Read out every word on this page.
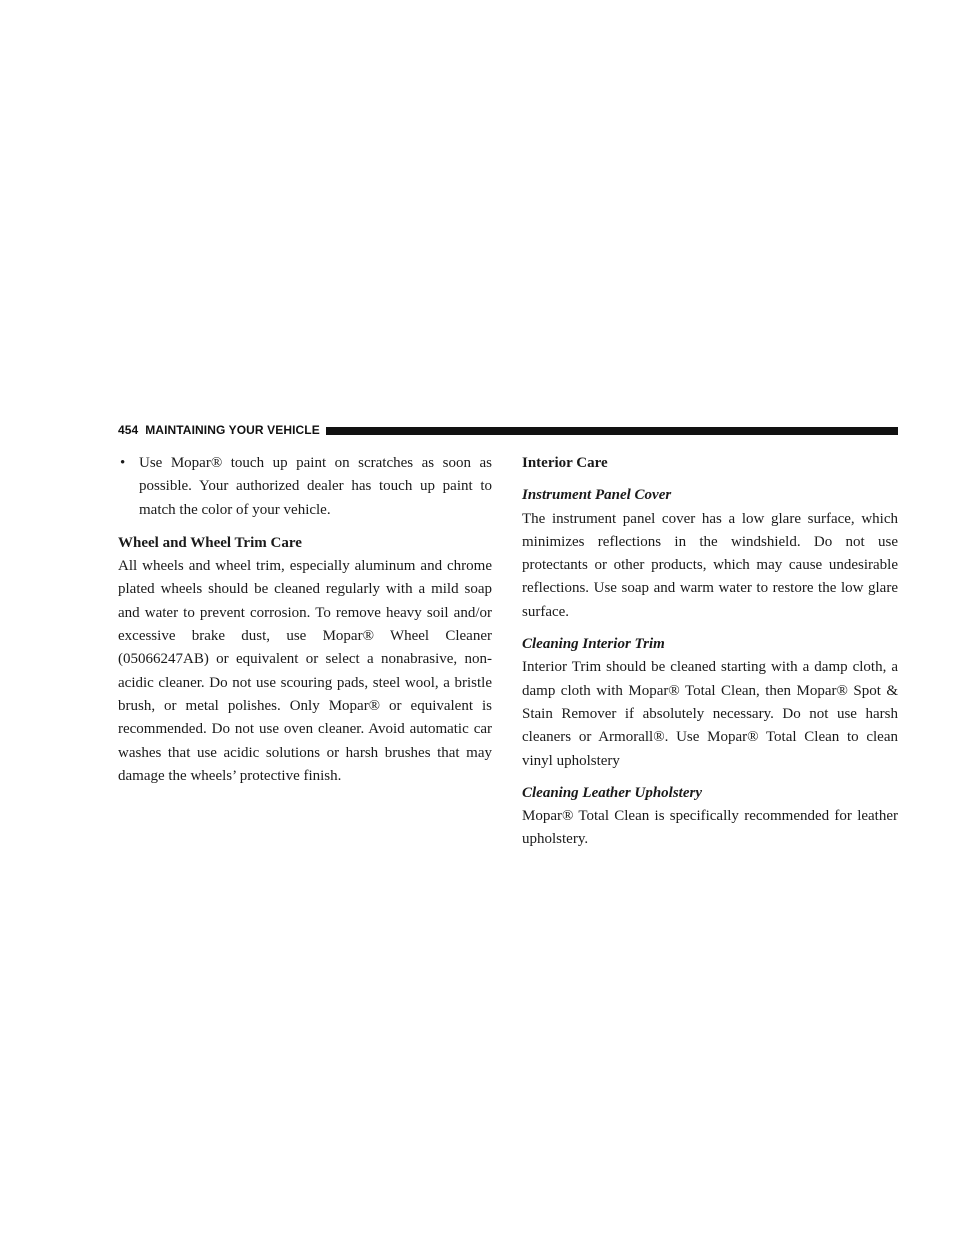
454 MAINTAINING YOUR VEHICLE
• Use Mopar® touch up paint on scratches as soon as possible. Your authorized dealer has touch up paint to match the color of your vehicle.

Wheel and Wheel Trim Care

All wheels and wheel trim, especially aluminum and chrome plated wheels should be cleaned regularly with a mild soap and water to prevent corrosion. To remove heavy soil and/or excessive brake dust, use Mopar® Wheel Cleaner (05066247AB) or equivalent or select a nonabrasive, non-acidic cleaner. Do not use scouring pads, steel wool, a bristle brush, or metal polishes. Only Mopar® or equivalent is recommended. Do not use oven cleaner. Avoid automatic car washes that use acidic solutions or harsh brushes that may damage the wheels’ protective finish.

Interior Care

Instrument Panel Cover

The instrument panel cover has a low glare surface, which minimizes reflections in the windshield. Do not use protectants or other products, which may cause undesirable reflections. Use soap and warm water to restore the low glare surface.

Cleaning Interior Trim

Interior Trim should be cleaned starting with a damp cloth, a damp cloth with Mopar® Total Clean, then Mopar® Spot & Stain Remover if absolutely necessary. Do not use harsh cleaners or Armorall®. Use Mopar® Total Clean to clean vinyl upholstery

Cleaning Leather Upholstery

Mopar® Total Clean is specifically recommended for leather upholstery.
